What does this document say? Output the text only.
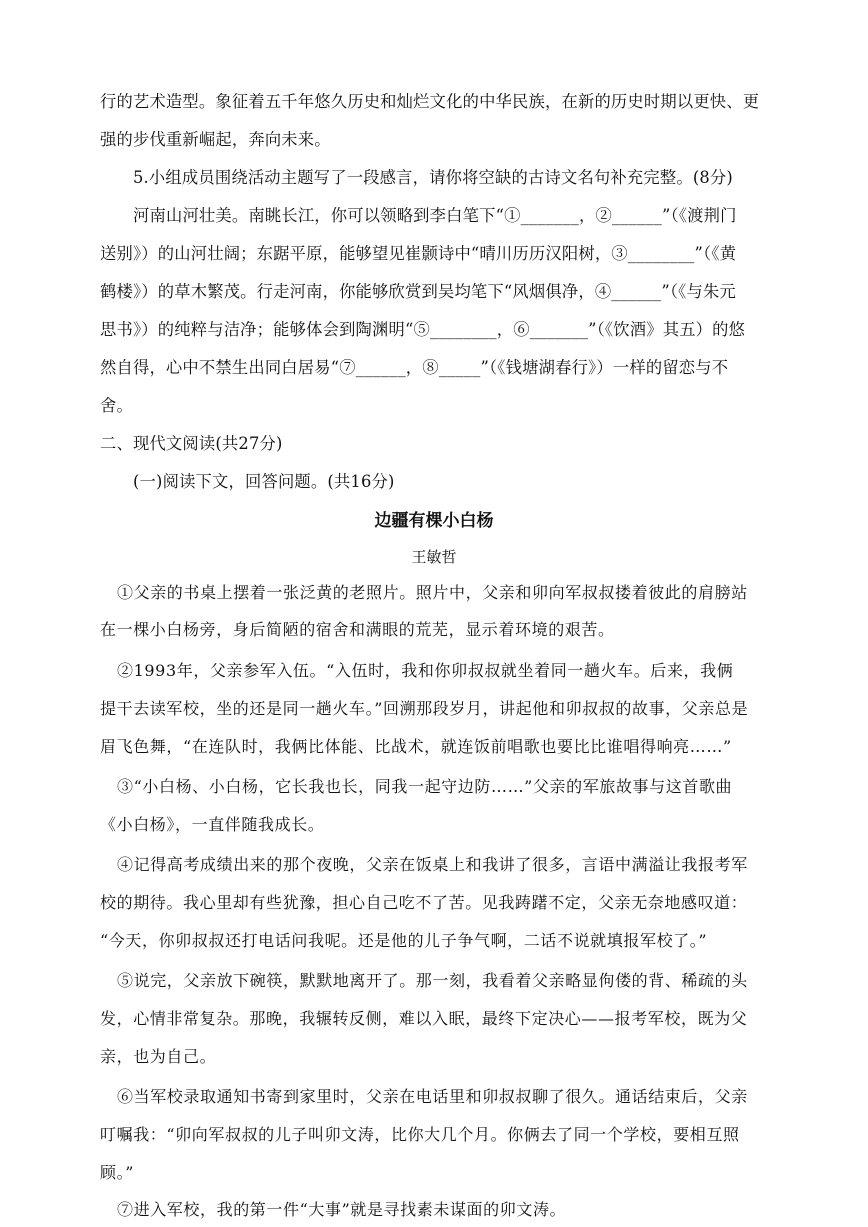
行的艺术造型。象征着五千年悠久历史和灿烂文化的中华民族，在新的历史时期以更快、更
强的步伐重新崛起，奔向未来。
5.小组成员围绕活动主题写了一段感言，请你将空缺的古诗文名句补充完整。(8分)
河南山河壮美。南眺长江，你可以领略到李白笔下“①_______，②______”（《渡荆门
送别》）的山河壮阔；东踞平原，能够望见崔颢诗中“晴川历历汉阳树，③________”（《黄
鹤楼》）的草木繁茂。行走河南，你能够欣赏到吴均笔下“风烟俱净，④______”（《与朱元
思书》）的纯粹与洁净；能够体会到陶渊明“⑤________，⑥_______”（《饮酒》其五）的悠
然自得，心中不禁生出同白居易“⑦______，⑧_____”（《钱塘湖春行》）一样的留恋与不
舍。
二、现代文阅读(共27分)
(一)阅读下文，回答问题。(共16分)
边疆有棵小白杨
王敏哲
①父亲的书桌上摆着一张泛黄的老照片。照片中，父亲和卯向军叔叔搂着彼此的肩膀站
在一棵小白杨旁，身后简陋的宿舍和满眼的荒芜，显示着环境的艰苦。
②1993年，父亲参军入伍。“入伍时，我和你卯叔叔就坐着同一趟火车。后来，我俩
提干去读军校，坐的还是同一趟火车。”回溯那段岁月，讲起他和卯叔叔的故事，父亲总是
眉飞色舞，“在连队时，我俩比体能、比战术，就连饭前唱歌也要比比谁唱得响亮……”
③“小白杨、小白杨，它长我也长，同我一起守边防……”父亲的军旅故事与这首歌曲
《小白杨》，一直伴随我成长。
④记得高考成绩出来的那个夜晚，父亲在饭桌上和我讲了很多，言语中满溢让我报考军
校的期待。我心里却有些犹豫，担心自己吃不了苦。见我踌躇不定，父亲无奈地感叹道：
“今天，你卯叔叔还打电话问我呢。还是他的儿子争气啊，二话不说就填报军校了。”
⑤说完，父亲放下碗筷，默默地离开了。那一刻，我看着父亲略显佝偻的背、稀疏的头
发，心情非常复杂。那晚，我辗转反侧，难以入眠，最终下定决心——报考军校，既为父
亲，也为自己。
⑥当军校录取通知书寄到家里时，父亲在电话里和卯叔叔聊了很久。通话结束后，父亲
叮嘱我：“卯向军叔叔的儿子叫卯文涛，比你大几个月。你俩去了同一个学校，要相互照
顾。”
⑦进入军校，我的第一件“大事”就是寻找素未谋面的卯文涛。
